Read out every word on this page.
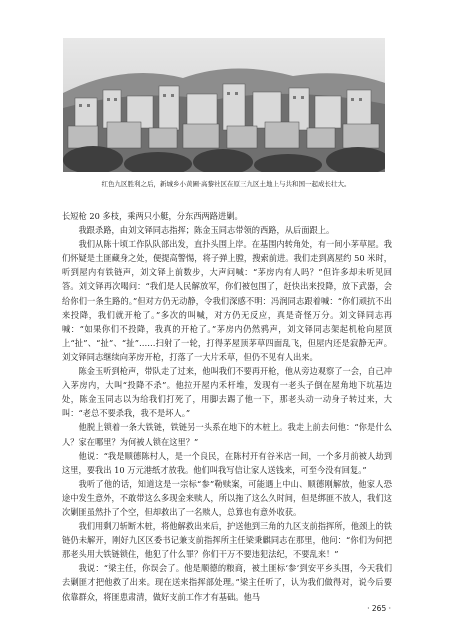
红色九区胜利之后，新城乡小黄圃·高黎社区在原三九区土地上与共和国一起成长壮大。

长短枪 20 多枝，乘两只小艇，分东西两路进剿。

我跟杀路，由刘文铎同志指挥；陈金玉同志带领的西路，从后面跟上。

我们从陈十顷工作队队部出发，直扑头围上岸。在基围内转角处，有一间小茅草屋。我们怀疑是土匪藏身之处，便提高警惕，将子弹上膛，搜索前进。我们走到离屋约 50 米时，听到屋内有铁链声，刘文铎上前数步，大声问喊：“茅房内有人吗？”但许多却未听见回答。刘文铎再次喝问：“我们是人民解放军，你们被包围了，赶快出来投降，放下武器，会给你们一条生路的。”但对方仍无动静，令我们深感不明：冯润同志跟着喊：“你们顽抗不出来投降，我们就开枪了。”多次的叫喊，对方仍无反应，真是奇怪万分。刘文铎同志再喊：“如果你们不投降，我真的开枪了。”茅房内仍然鸦声，刘文铎同志架起机枪向屋顶上“扯”、“扯”、“扯”……扫射了一轮，打得茅屋顶茅草四面乱飞，但屋内还是寂静无声。刘文铎同志继续向茅房开枪，打落了一大片禾草，但仍不见有人出来。

陈金玉听到枪声，带队走了过来，他叫我们不要再开枪，他从旁边观察了一会，自己冲入茅房内，大叫“投降不杀”。他拉开屋内禾杆堆，发现有一老头子倒在屋角地下坑基边处，陈金玉同志以为给我们打死了，用脚去踢了他一下，那老头动一动身子转过来，大叫：“老总不要杀我，我不是坏人。”

他脱上锁着一条大铁链，铁链另一头系在地下的木桩上。我走上前去问他：“你是什么人？家在哪里？为何被人锁在这里？”

他说：“我是顺德陈村人，是一个良民，在陈村开有谷米店一间，一个多月前被人劫到这里，要我出 10 万元港纸才放我。他们叫我写信让家人送钱来，可至今没有回复。”

我听了他的话，知道这是一宗标“参”勒赎案，可能遇上中山、顺德刚解放，他家人恐途中发生意外，不敢带这么多现金来赎人，所以拖了这么久时间，但是绑匪不放人，我们这次剿匪虽然扑了个空，但却救出了一名赎人，总算也有意外收获。

我们用剩刀斩断木桩，将他解救出来后，护送他到三角的九区支前指挥所，他颈上的铁链仍未解开，刚好九区区委书记兼支前指挥所主任梁秉麒同志在那里，他问：“你们为何把那老头用大铁链锁住，他犯了什么罪？你们干万不要违犯法纪，不要乱来！”

我说：“梁主任，你误会了。他是顺德的粮商，被土匪标‘参’到安平乡头围，今天我们去剿匪才把他救了出来。现在送来指挥部处理。”梁主任听了，认为我们做得对，说今后要依靠群众，将匪患肃清，做好支前工作才有基础。他马

· 265 ·
